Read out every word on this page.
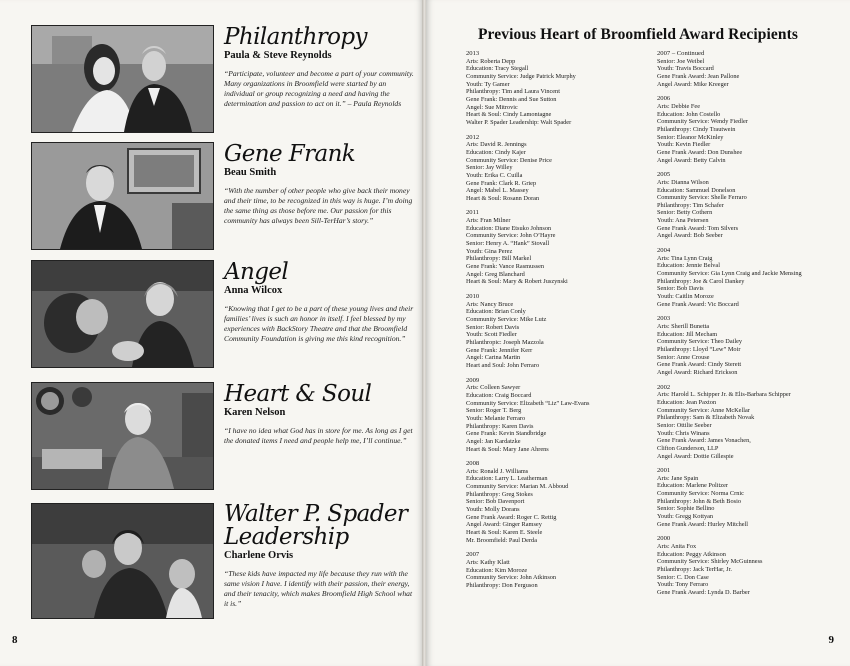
Philanthropy

Paula & Steve Reynolds

“Participate, volunteer and become a part of your community. Many organizations in Broomfield were started by an individual or group recognizing a need and having the determination and passion to act on it.” – Paula Reynolds

Gene Frank

Beau Smith

“With the number of other people who give back their money and their time, to be recognized in this way is huge. I’m doing the same thing as those before me. Our passion for this community has always been Sill-TerHar’s story.”

Angel

Anna Wilcox

“Knowing that I get to be a part of these young lives and their families’ lives is such an honor in itself. I feel blessed by my experiences with BackStory Theatre and that the Broomfield Community Foundation is giving me this kind recognition.”

Heart & Soul

Karen Nelson

“I have no idea what God has in store for me. As long as I get the donated items I need and people help me, I’ll continue.”

Walter P. Spader Leadership

Charlene Orvis

“These kids have impacted my life because they run with the same vision I have. I identify with their passion, their energy, and their tenacity, which makes Broomfield High School what it is.”

8
Previous Heart of Broomfield Award Recipients
2013
Arts: Roberta Depp
Education: Tracy Stegall
Community Service: Judge Patrick Murphy
Youth: Ty Gamer
Philanthropy: Tim and Laura Vincent
Gene Frank: Dennis and Sue Sutton
Angel: Sue Mitrovic
Heart & Soul: Cindy Lamontagne
Walter P. Spader Leadership: Walt Spader
2012
Arts: David R. Jennings
Education: Cindy Kajer
Community Service: Denise Price
Senior: Jay Willey
Youth: Erika C. Cuilla
Gene Frank: Clark R. Griep
Angel: Mabel L. Massey
Heart & Soul: Rosann Doran
2011
Arts: Fran Milner
Education: Diane Etsuko Johnson
Community Service: John O’Hayre
Senior: Henry A. “Hank” Stovall
Youth: Gina Perez
Philanthropy: Bill Markel
Gene Frank: Vance Rasmussen
Angel: Greg Blanchard
Heart & Soul: Mary & Robert Juszynski
2010
Arts: Nancy Bruce
Education: Brian Conly
Community Service: Mike Lutz
Senior: Robert Davis
Youth: Scott Fiedler
Philanthropic: Joseph Mazzola
Gene Frank: Jennifer Kerr
Angel: Carina Martin
Heart and Soul: John Ferraro
2009
Arts: Colleen Sawyer
Education: Craig Boccard
Community Service: Elizabeth “Liz” Law-Evans
Senior: Roger T. Berg
Youth: Melanie Ferraro
Philanthropy: Karen Davis
Gene Frank: Kevin Standbridge
Angel: Jan Kardatzke
Heart & Soul: Mary Jane Ahrens
2008
Arts: Ronald J. Williams
Education: Larry L. Leatherman
Community Service: Marian M. Abboud
Philanthropy: Greg Stokes
Senior: Bob Davenport
Youth: Molly Dorans
Gene Frank Award: Roger C. Rettig
Angel Award: Ginger Ramsey
Heart & Soul: Karen E. Steele
Mr. Broomfield: Paul Derda
2007
Arts: Kathy Klatt
Education: Kim Moroze
Community Service: John Atkinson
Philanthropy: Don Ferguson
2007 – Continued
Senior: Joe Weibel
Youth: Travis Boccard
Gene Frank Award: Jean Pallone
Angel Award: Mike Kreeger
2006
Arts: Debbie Fee
Education: John Costello
Community Service: Wendy Fiedler
Philanthropy: Cindy Trautwein
Senior: Eleanor McKinley
Youth: Kevin Fiedler
Gene Frank Award: Don Dunshee
Angel Award: Betty Calvin
2005
Arts: Dianna Wilson
Education: Sammuel Donelson
Community Service: Shelle Ferraro
Philanthropy: Tim Schafer
Senior: Betty Cothern
Youth: Ana Petersen
Gene Frank Award: Tom Silvers
Angel Award: Bob Seeber
2004
Arts: Tina Lynn Craig
Education: Jennie Belval
Community Service: Gia Lynn Craig and Jackie Mensing
Philanthropy: Joe & Carol Dankey
Senior: Bob Davis
Youth: Caitlin Moroze
Gene Frank Award: Vic Boccard
2003
Arts: Sherill Bunetta
Education: Jill Mecham
Community Service: Theo Dailey
Philanthropy: Lloyd “Lew” Moir
Senior: Anne Crouse
Gene Frank Award: Cindy Sterett
Angel Award: Richard Erickson
2002
Arts: Harold L. Schipper Jr. & Elis-Barbara Schipper
Education: Jean Paxton
Community Service: Anne McKellar
Philanthropy: Sam & Elizabeth Novak
Senior: Ottilie Seeber
Youth: Chris Winans
Gene Frank Award: James Vonachen,
Clifton Gunderson, LLP
Angel Award: Dottie Gillespie
2001
Arts: Jane Spain
Education: Marlene Politzer
Community Service: Norma Crnic
Philanthropy: John & Beth Bosio
Senior: Sophie Bellino
Youth: Gregg Kottyan
Gene Frank Award: Hurley Mitchell
2000
Arts: Anita Fox
Education: Peggy Atkinson
Community Service: Shirley McGuinness
Philanthropy: Jack TerHar, Jr.
Senior: C. Don Case
Youth: Tony Ferraro
Gene Frank Award: Lynda D. Barber
9
